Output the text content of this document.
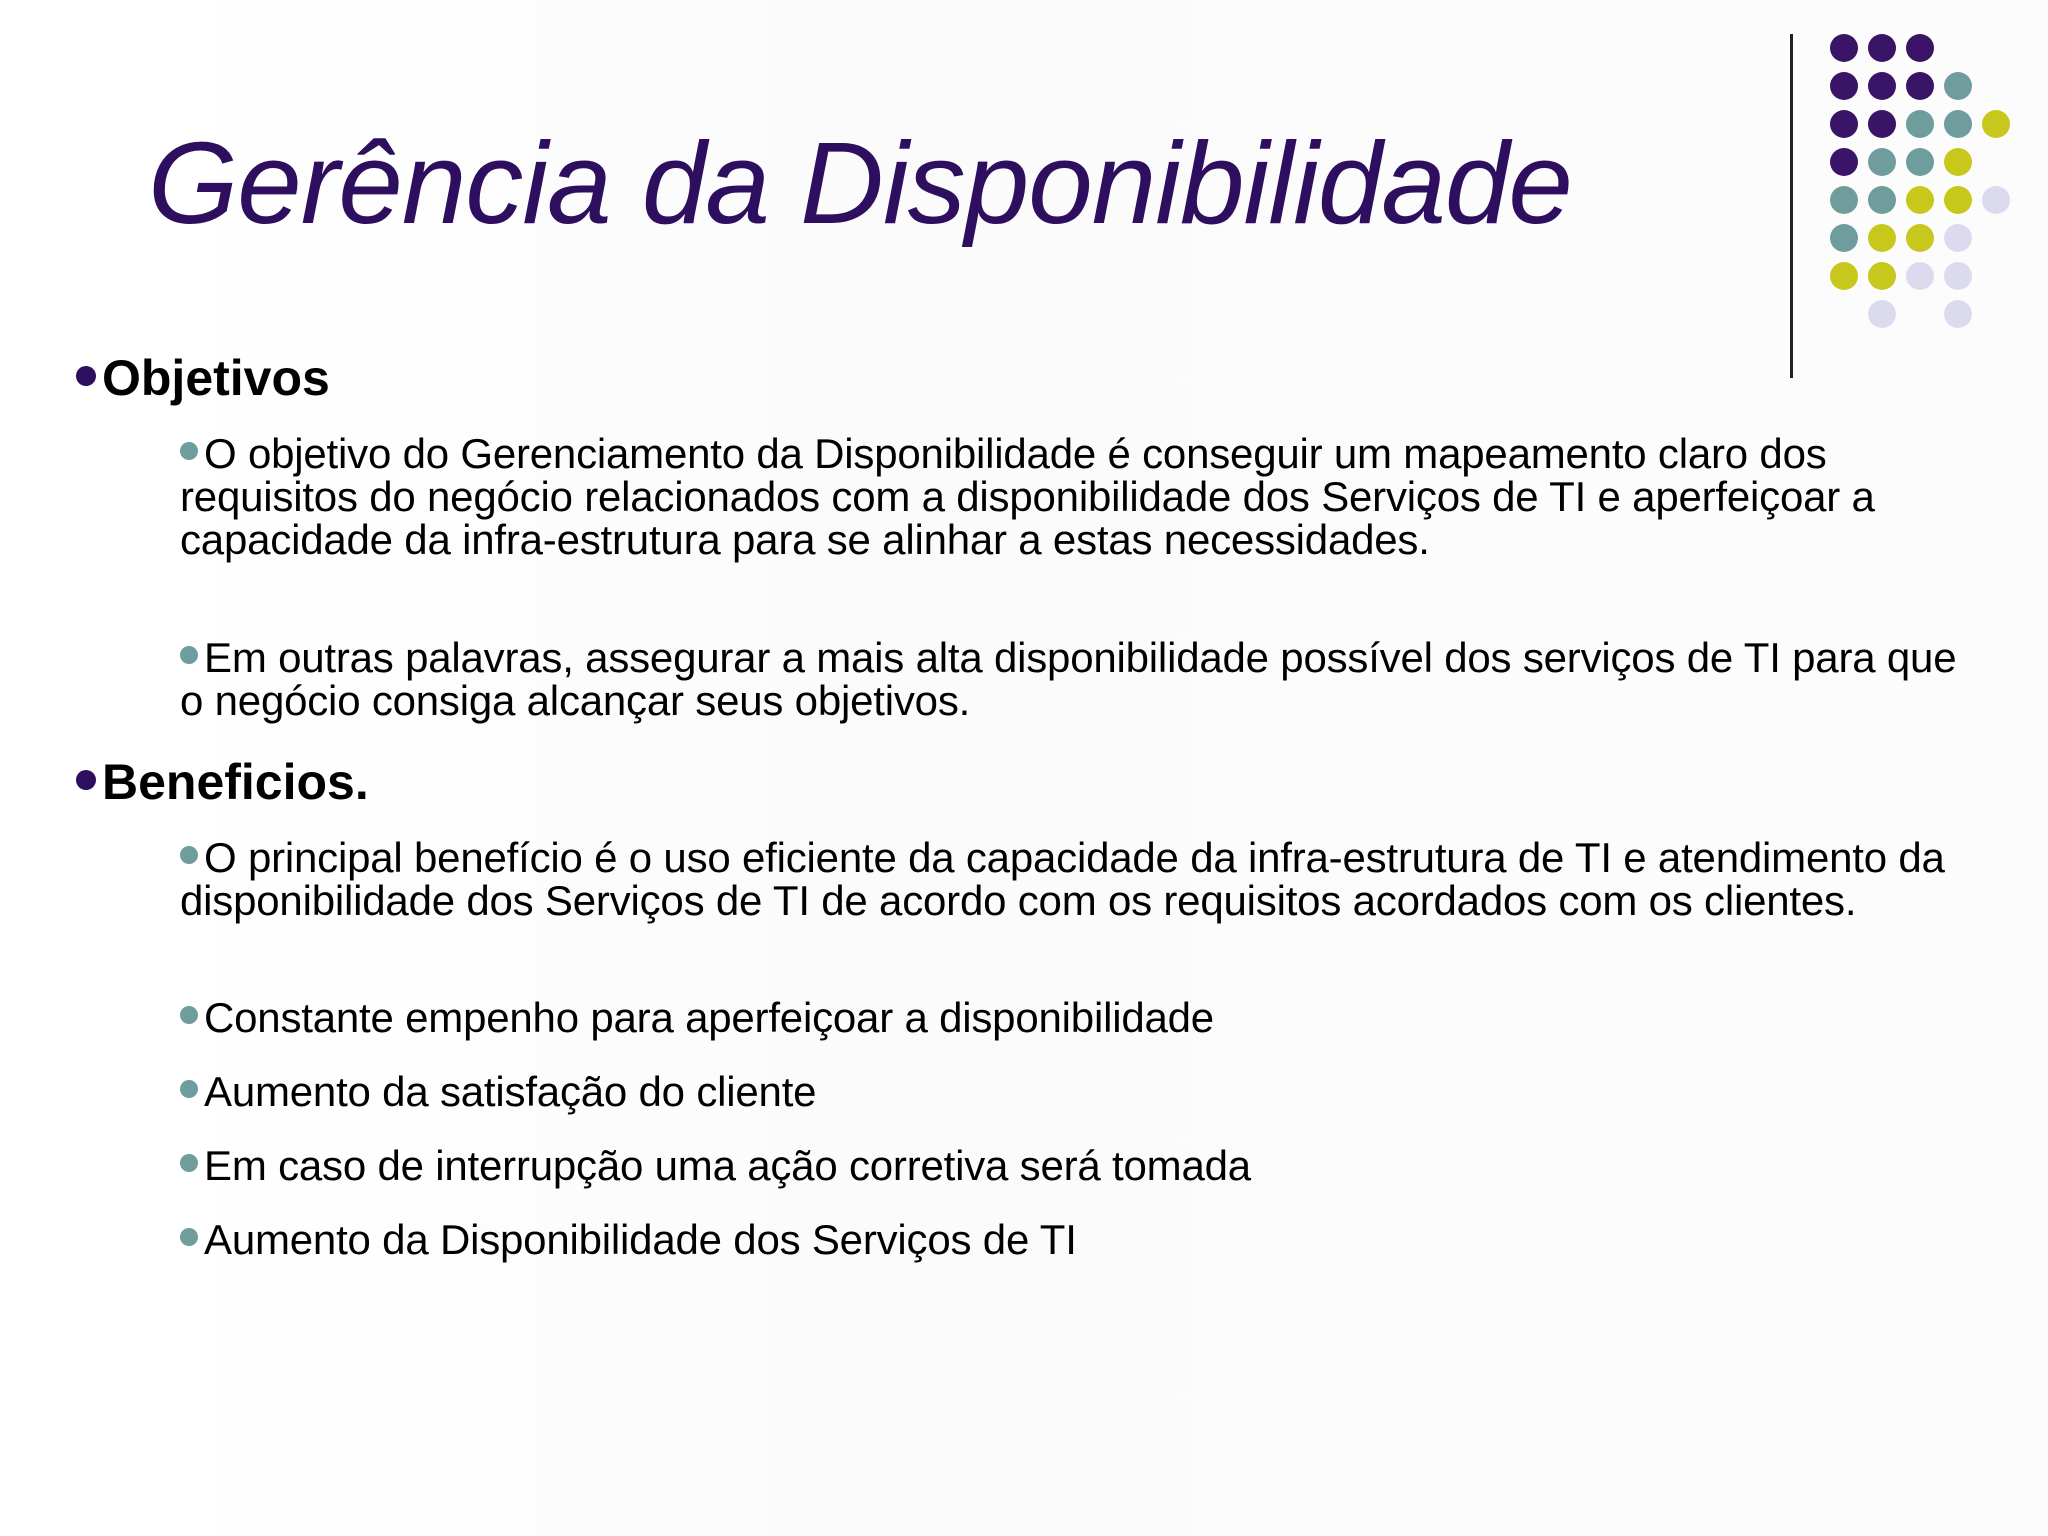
Gerência da Disponibilidade
Objetivos
O objetivo do Gerenciamento da Disponibilidade é conseguir um mapeamento claro dos requisitos do negócio relacionados com a disponibilidade dos Serviços de TI e aperfeiçoar a capacidade da infra-estrutura para se alinhar a estas necessidades.
Em outras palavras, assegurar a mais alta disponibilidade possível dos serviços de TI para que o negócio consiga alcançar seus objetivos.
Beneficios.
O principal benefício é o uso eficiente da capacidade da infra-estrutura de TI e atendimento da disponibilidade dos Serviços de TI de acordo com os requisitos acordados com os clientes.
Constante empenho para aperfeiçoar a disponibilidade
Aumento da satisfação do cliente
Em caso de interrupção uma ação corretiva será tomada
Aumento da Disponibilidade dos Serviços de TI
